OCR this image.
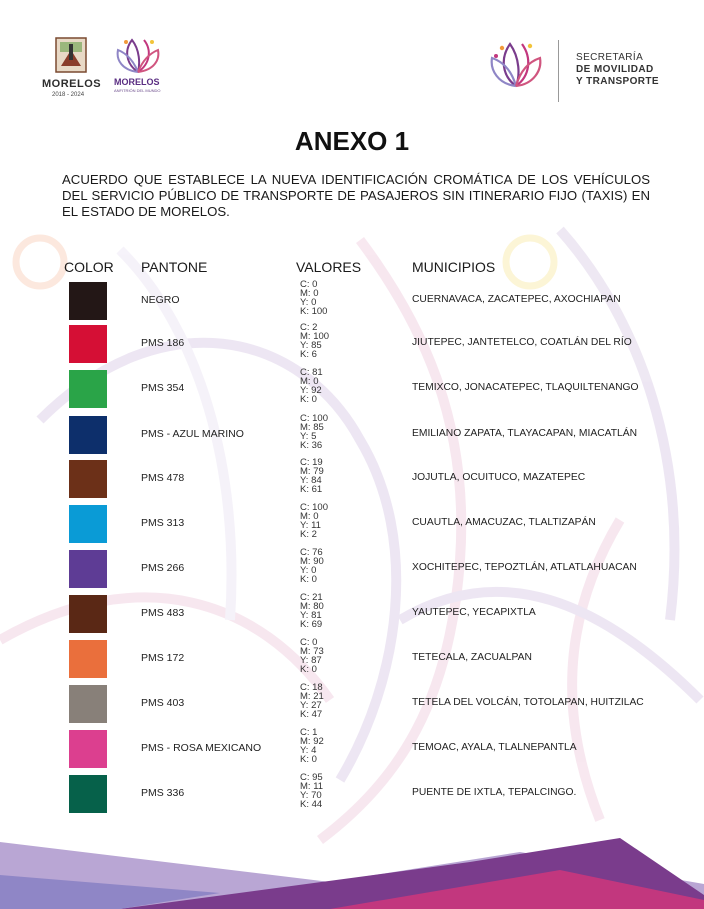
MORELOS
2018 - 2024
MORELOS
ANFITRIÓN DEL MUNDO
SECRETARÍA
DE MOVILIDAD
Y TRANSPORTE
ANEXO 1
ACUERDO QUE ESTABLECE LA NUEVA IDENTIFICACIÓN CROMÁTICA DE LOS VEHÍCULOS DEL SERVICIO PÚBLICO DE TRANSPORTE DE PASAJEROS SIN ITINERARIO FIJO (TAXIS) EN EL ESTADO DE MORELOS.
COLOR PANTONE	VALORES	MUNICIPIOS
NEGRO
C: 0
M: 0
Y: 0
K: 100
CUERNAVACA, ZACATEPEC, AXOCHIAPAN
PMS 186
C: 2
M: 100
Y: 85
K: 6
JIUTEPEC, JANTETELCO, COATLÁN DEL RÍO
PMS 354
C: 81
M: 0
Y: 92
K: 0
TEMIXCO, JONACATEPEC, TLAQUILTENANGO
PMS - AZUL MARINO
C: 100
M: 85
Y: 5
K: 36
EMILIANO ZAPATA, TLAYACAPAN, MIACATLÁN
PMS 478
C: 19
M: 79
Y: 84
K: 61
JOJUTLA, OCUITUCO, MAZATEPEC
PMS 313
C: 100
M: 0
Y: 11
K: 2
CUAUTLA, AMACUZAC, TLALTIZAPÁN
PMS 266
C: 76
M: 90
Y: 0
K: 0
XOCHITEPEC, TEPOZTLÁN, ATLATLAHUACAN
PMS 483
C: 21
M: 80
Y: 81
K: 69
YAUTEPEC, YECAPIXTLA
PMS 172
C: 0
M: 73
Y: 87
K: 0
TETECALA, ZACUALPAN
PMS 403
C: 18
M: 21
Y: 27
K: 47
TETELA DEL VOLCÁN, TOTOLAPAN, HUITZILAC
PMS - ROSA MEXICANO
C: 1
M: 92
Y: 4
K: 0
TEMOAC, AYALA, TLALNEPANTLA
PMS 336
C: 95
M: 11
Y: 70
K: 44
PUENTE DE IXTLA, TEPALCINGO.
